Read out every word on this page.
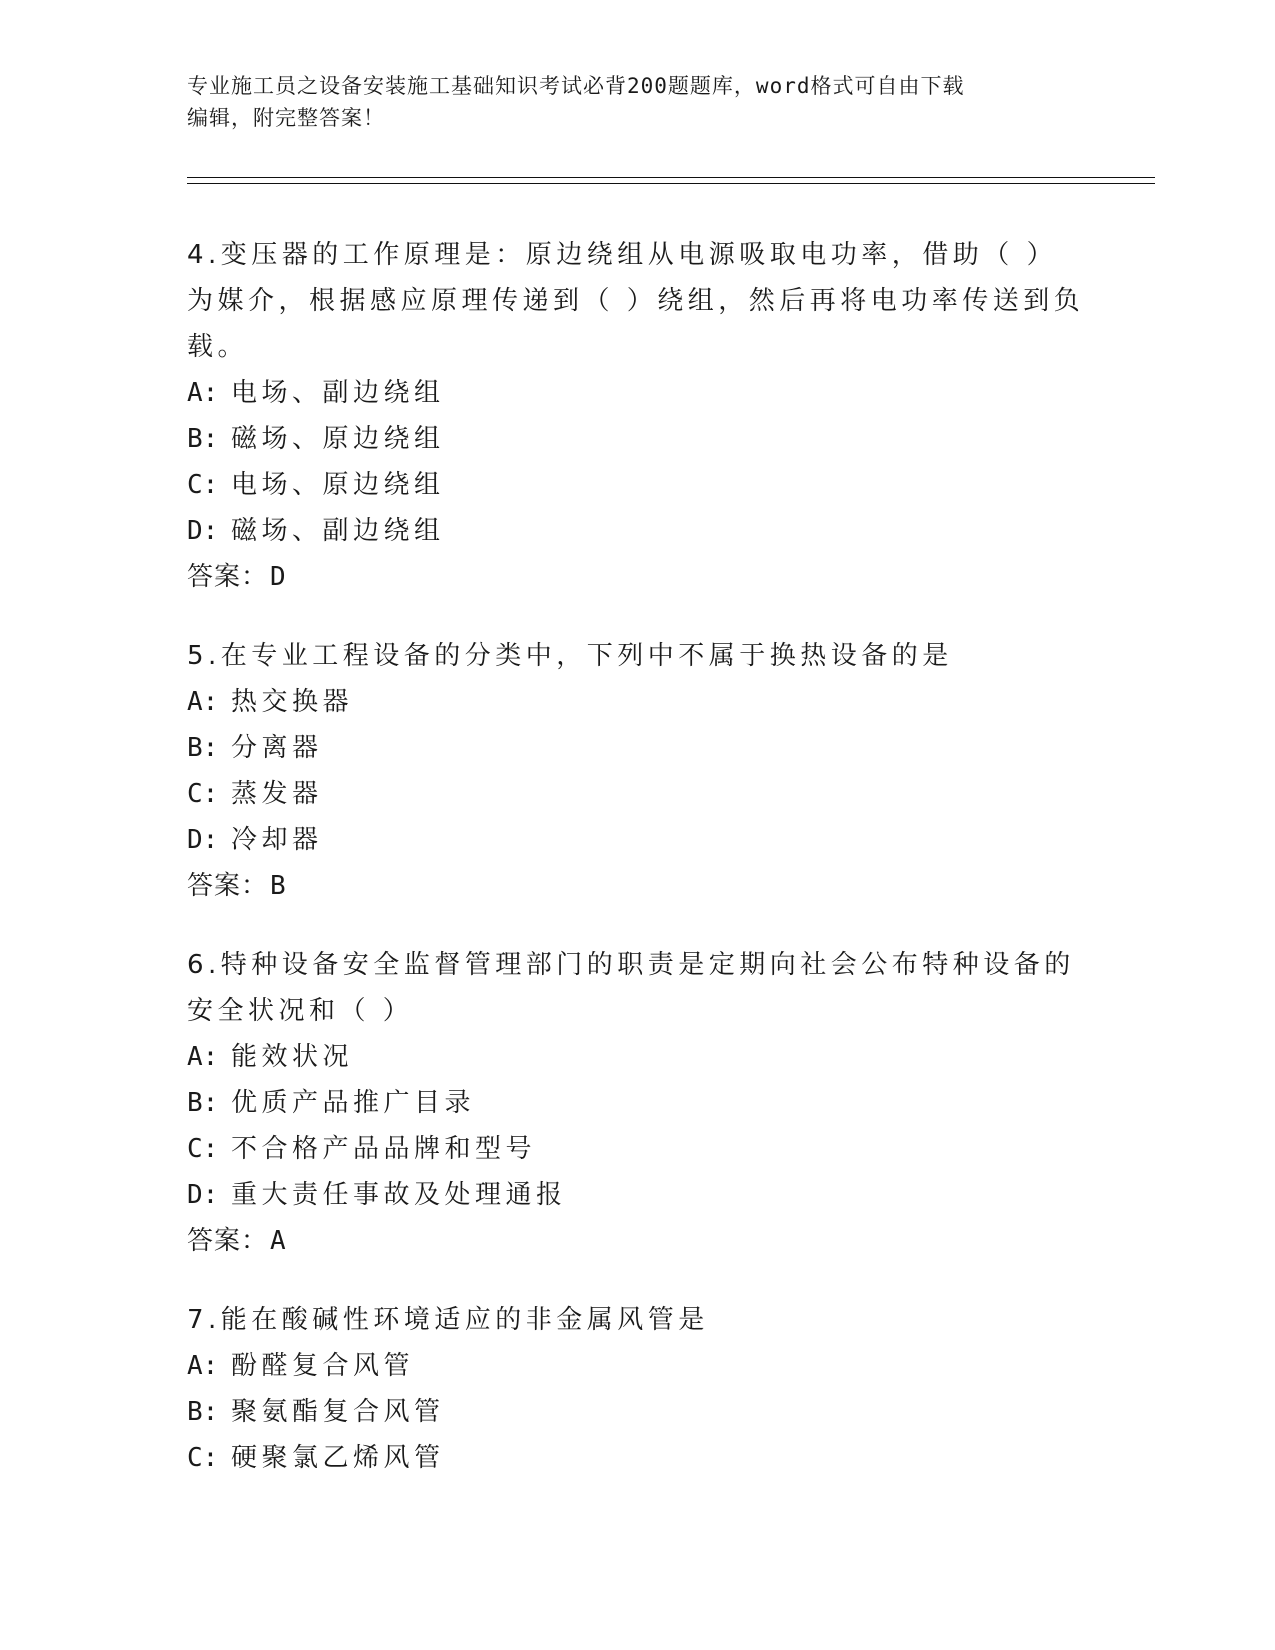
专业施工员之设备安装施工基础知识考试必背200题题库，word格式可自由下载
编辑，附完整答案！

4.变压器的工作原理是：原边绕组从电源吸取电功率，借助（ ）为媒介，根据感应原理传递到（ ）绕组，然后再将电功率传送到负载。

A: 电场、副边绕组
B: 磁场、原边绕组
C: 电场、原边绕组
D: 磁场、副边绕组
答案：D

5.在专业工程设备的分类中，下列中不属于换热设备的是

A: 热交换器
B: 分离器
C: 蒸发器
D: 冷却器
答案：B

6.特种设备安全监督管理部门的职责是定期向社会公布特种设备的安全状况和（ ）

A: 能效状况
B: 优质产品推广目录
C: 不合格产品品牌和型号
D: 重大责任事故及处理通报
答案：A

7.能在酸碱性环境适应的非金属风管是

A: 酚醛复合风管
B: 聚氨酯复合风管
C: 硬聚氯乙烯风管
